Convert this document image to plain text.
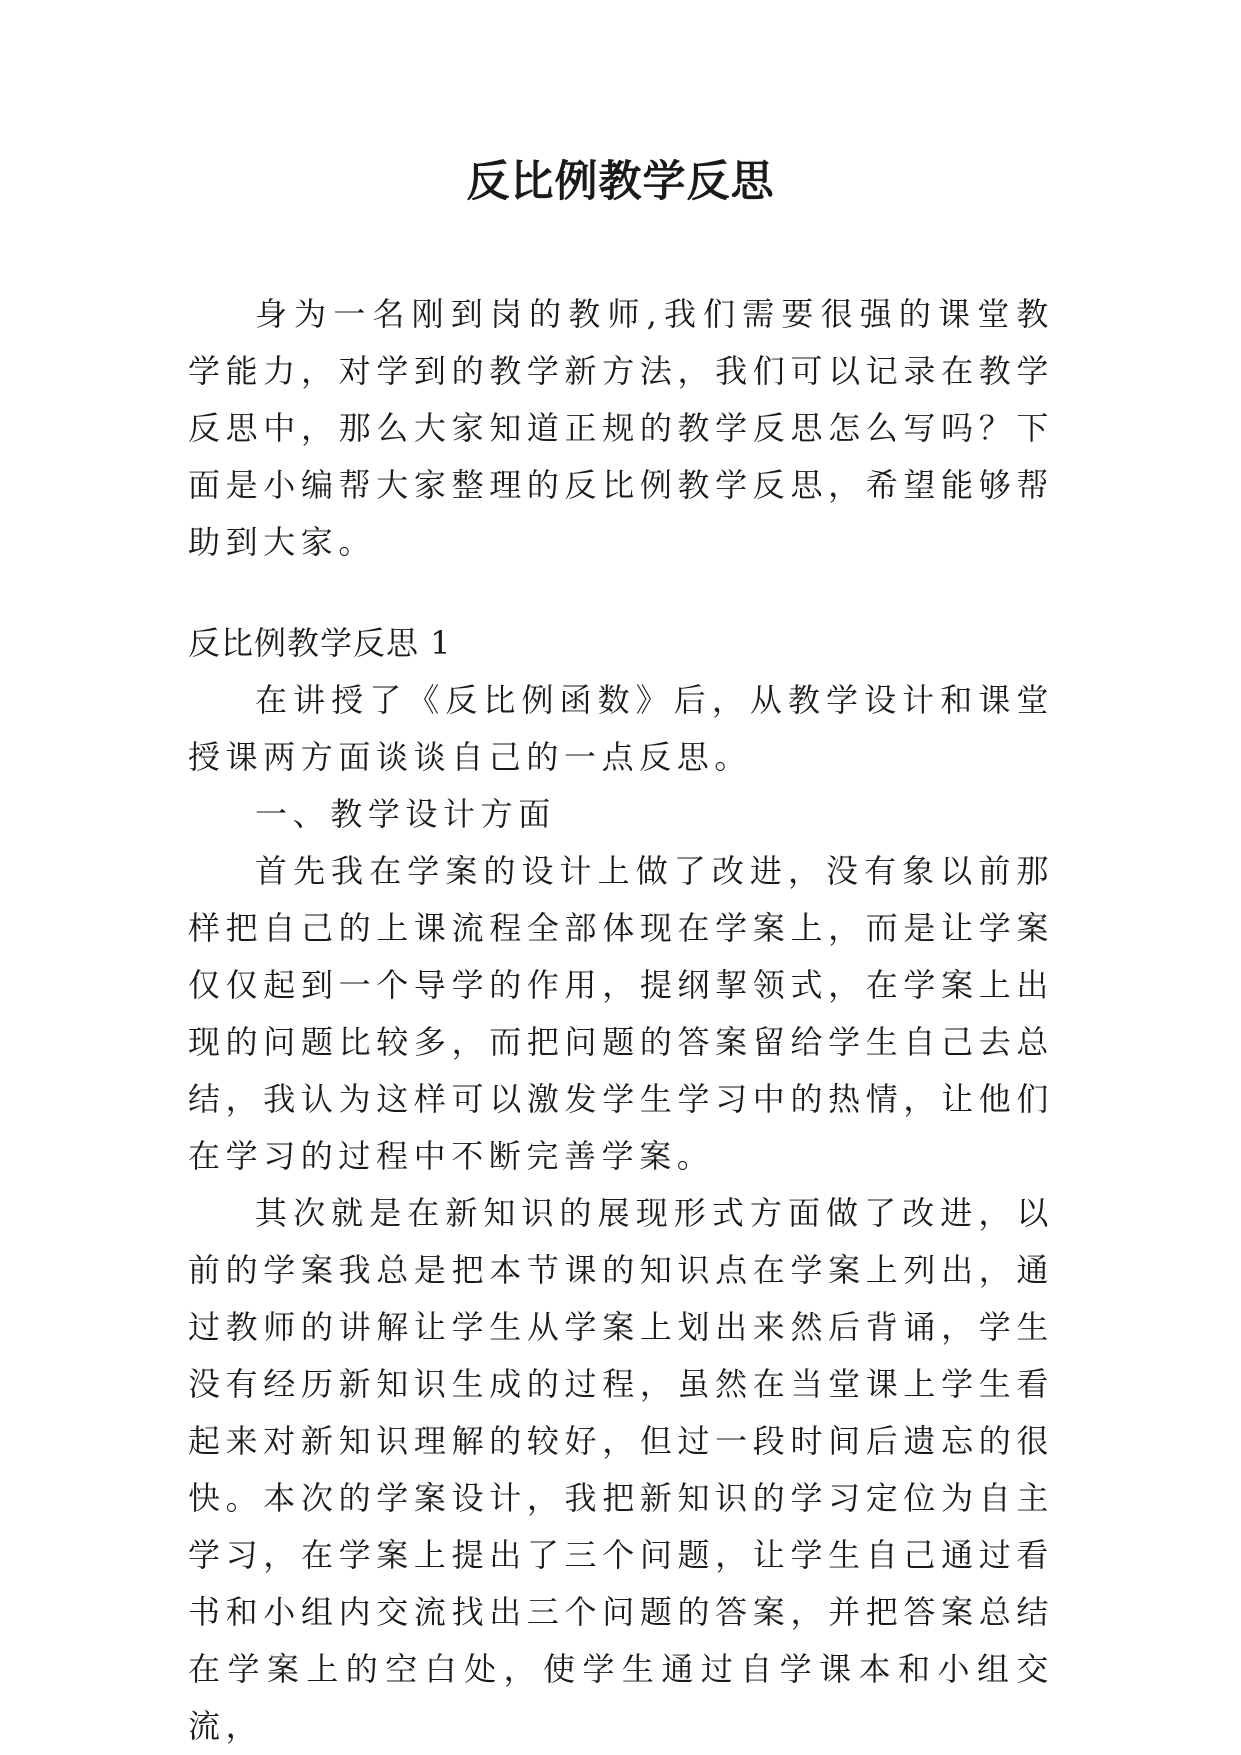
反比例教学反思

身为一名刚到岗的教师,我们需要很强的课堂教学能力，对学到的教学新方法，我们可以记录在教学反思中，那么大家知道正规的教学反思怎么写吗？下面是小编帮大家整理的反比例教学反思，希望能够帮助到大家。

反比例教学反思 1

在讲授了《反比例函数》后，从教学设计和课堂授课两方面谈谈自己的一点反思。

一、教学设计方面

首先我在学案的设计上做了改进，没有象以前那样把自己的上课流程全部体现在学案上，而是让学案仅仅起到一个导学的作用，提纲挈领式，在学案上出现的问题比较多，而把问题的答案留给学生自己去总结，我认为这样可以激发学生学习中的热情，让他们在学习的过程中不断完善学案。

其次就是在新知识的展现形式方面做了改进，以前的学案我总是把本节课的知识点在学案上列出，通过教师的讲解让学生从学案上划出来然后背诵，学生没有经历新知识生成的过程，虽然在当堂课上学生看起来对新知识理解的较好，但过一段时间后遗忘的很快。本次的学案设计，我把新知识的学习定位为自主学习，在学案上提出了三个问题，让学生自己通过看书和小组内交流找出三个问题的答案，并把答案总结在学案上的空白处，使学生通过自学课本和小组交流，
